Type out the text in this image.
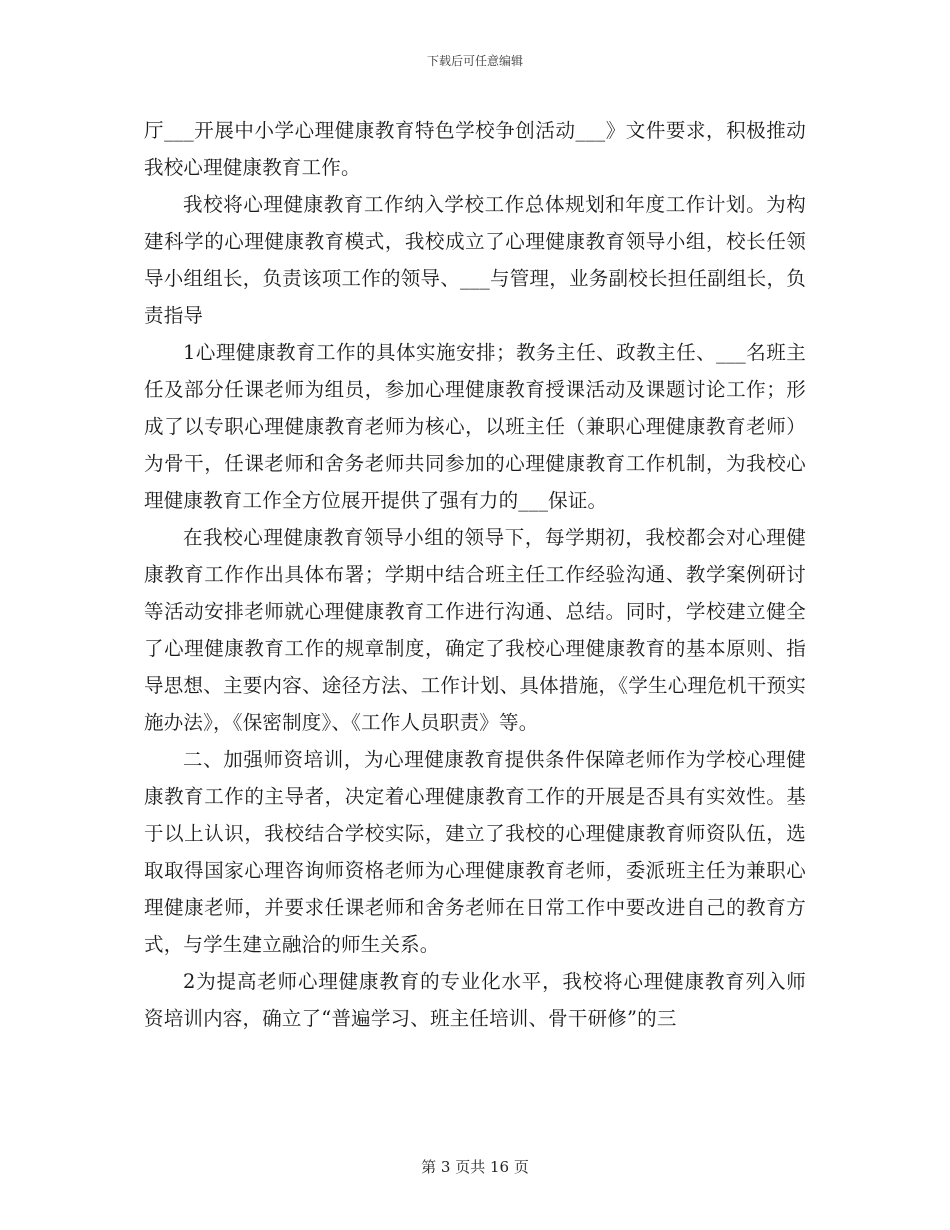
下载后可任意编辑

厅___开展中小学心理健康教育特色学校争创活动___》文件要求，积极推动我校心理健康教育工作。

我校将心理健康教育工作纳入学校工作总体规划和年度工作计划。为构建科学的心理健康教育模式，我校成立了心理健康教育领导小组，校长任领导小组组长，负责该项工作的领导、___与管理，业务副校长担任副组长，负责指导

1心理健康教育工作的具体实施安排；教务主任、政教主任、___名班主任及部分任课老师为组员，参加心理健康教育授课活动及课题讨论工作；形成了以专职心理健康教育老师为核心，以班主任（兼职心理健康教育老师）为骨干，任课老师和舍务老师共同参加的心理健康教育工作机制，为我校心理健康教育工作全方位展开提供了强有力的___保证。

在我校心理健康教育领导小组的领导下，每学期初，我校都会对心理健康教育工作作出具体布署；学期中结合班主任工作经验沟通、教学案例研讨等活动安排老师就心理健康教育工作进行沟通、总结。同时，学校建立健全了心理健康教育工作的规章制度，确定了我校心理健康教育的基本原则、指导思想、主要内容、途径方法、工作计划、具体措施，《学生心理危机干预实施办法》，《保密制度》、《工作人员职责》等。

二、加强师资培训，为心理健康教育提供条件保障老师作为学校心理健康教育工作的主导者，决定着心理健康教育工作的开展是否具有实效性。基于以上认识，我校结合学校实际，建立了我校的心理健康教育师资队伍，选取取得国家心理咨询师资格老师为心理健康教育老师，委派班主任为兼职心理健康老师，并要求任课老师和舍务老师在日常工作中要改进自己的教育方式，与学生建立融洽的师生关系。

2为提高老师心理健康教育的专业化水平，我校将心理健康教育列入师资培训内容，确立了“普遍学习、班主任培训、骨干研修”的三

第 3 页共 16 页
